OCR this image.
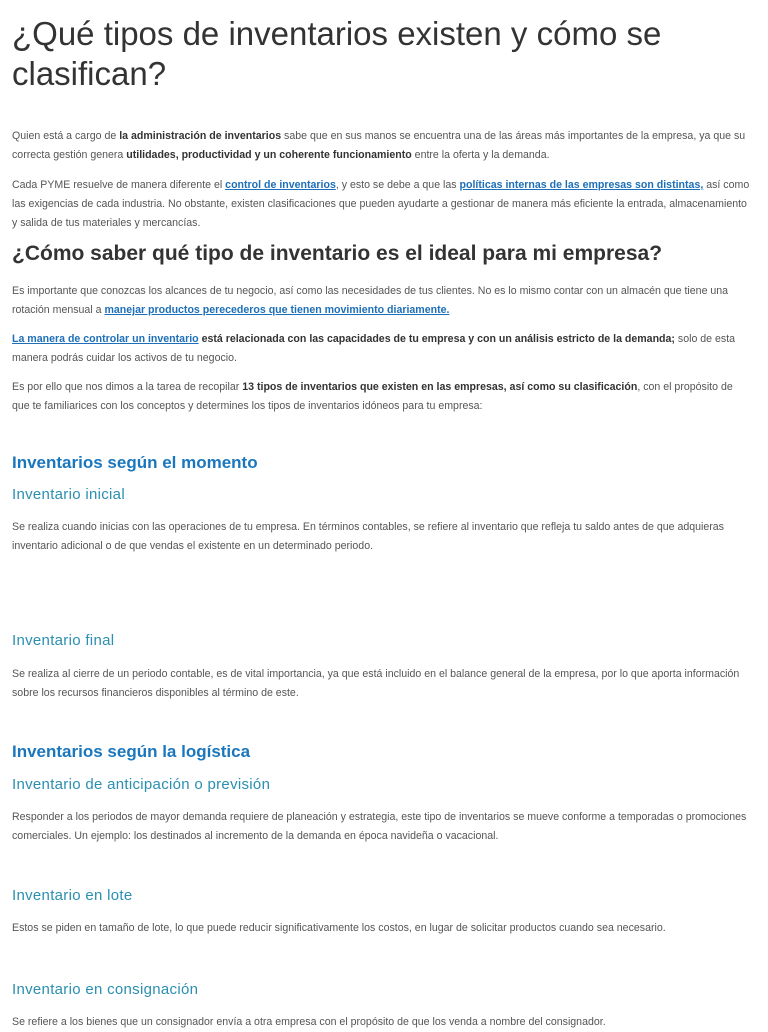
¿Qué tipos de inventarios existen y cómo se clasifican?

Quien está a cargo de la administración de inventarios sabe que en sus manos se encuentra una de las áreas más importantes de la empresa, ya que su correcta gestión genera utilidades, productividad y un coherente funcionamiento entre la oferta y la demanda.

Cada PYME resuelve de manera diferente el control de inventarios, y esto se debe a que las políticas internas de las empresas son distintas, así como las exigencias de cada industria. No obstante, existen clasificaciones que pueden ayudarte a gestionar de manera más eficiente la entrada, almacenamiento y salida de tus materiales y mercancías.

¿Cómo saber qué tipo de inventario es el ideal para mi empresa?

Es importante que conozcas los alcances de tu negocio, así como las necesidades de tus clientes. No es lo mismo contar con un almacén que tiene una rotación mensual a manejar productos perecederos que tienen movimiento diariamente.

La manera de controlar un inventario está relacionada con las capacidades de tu empresa y con un análisis estricto de la demanda; solo de esta manera podrás cuidar los activos de tu negocio.

Es por ello que nos dimos a la tarea de recopilar 13 tipos de inventarios que existen en las empresas, así como su clasificación, con el propósito de que te familiarices con los conceptos y determines los tipos de inventarios idóneos para tu empresa:

Inventarios según el momento
Inventario inicial

Se realiza cuando inicias con las operaciones de tu empresa. En términos contables, se refiere al inventario que refleja tu saldo antes de que adquieras inventario adicional o de que vendas el existente en un determinado periodo.

Inventario final

Se realiza al cierre de un periodo contable, es de vital importancia, ya que está incluido en el balance general de la empresa, por lo que aporta información sobre los recursos financieros disponibles al término de este.

Inventarios según la logística
Inventario de anticipación o previsión

Responder a los periodos de mayor demanda requiere de planeación y estrategia, este tipo de inventarios se mueve conforme a temporadas o promociones comerciales. Un ejemplo: los destinados al incremento de la demanda en época navideña o vacacional.

Inventario en lote

Estos se piden en tamaño de lote, lo que puede reducir significativamente los costos, en lugar de solicitar productos cuando sea necesario.

Inventario en consignación

Se refiere a los bienes que un consignador envía a otra empresa con el propósito de que los venda a nombre del consignador.
